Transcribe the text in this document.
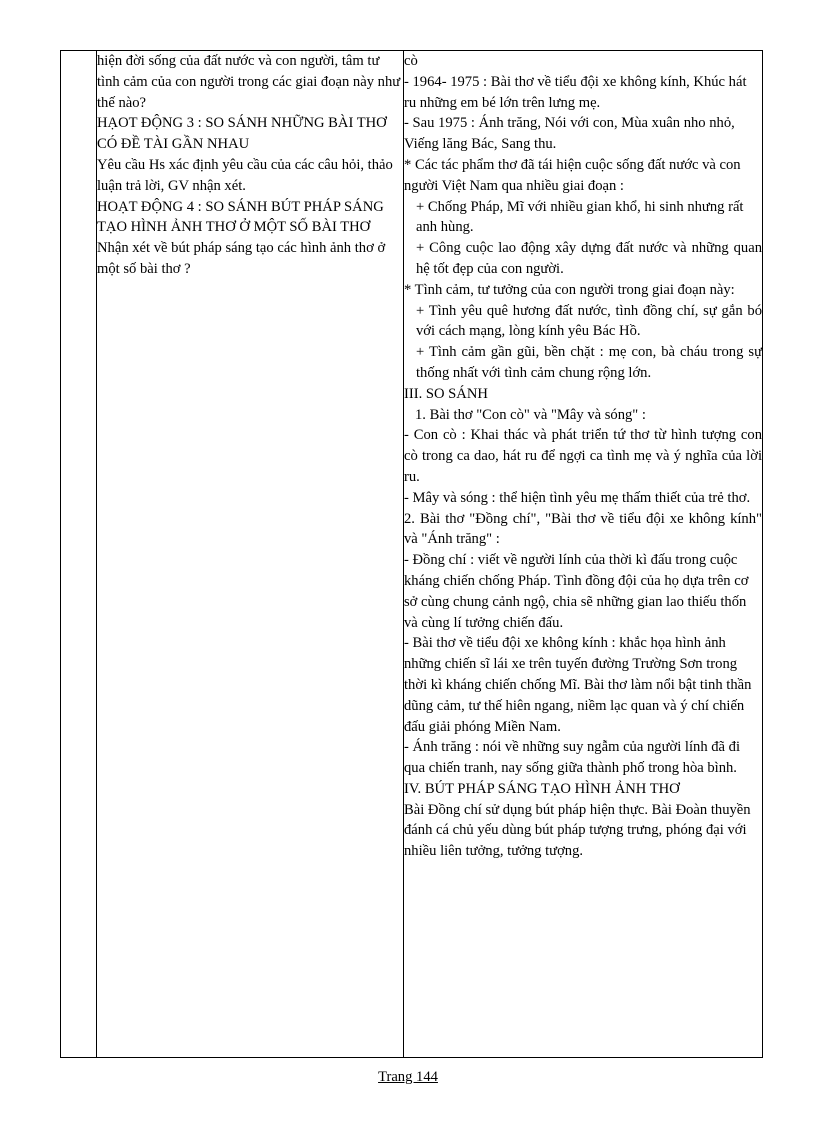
hiện đời sống của đất nước và con người, tâm tư tình cảm của con người trong các giai đoạn này như thế nào?

HẠOT ĐỘNG 3 : SO SÁNH NHỮNG BÀI THƠ CÓ ĐỀ TÀI GẦN NHAU

Yêu cầu Hs xác định yêu cầu của các câu hỏi, thảo luận trả lời, GV nhận xét.

HOẠT ĐỘNG 4 : SO SÁNH BÚT PHÁP SÁNG TẠO HÌNH ẢNH THƠ Ở MỘT SỐ BÀI THƠ

Nhận xét về bút pháp sáng tạo các hình ảnh thơ ở một số bài thơ ?

cò

- 1964- 1975 : Bài thơ về tiểu đội xe không kính, Khúc hát ru những em bé lớn trên lưng mẹ.

- Sau 1975 : Ánh trăng, Nói với con, Mùa xuân nho nhỏ, Viếng lăng Bác, Sang thu.

* Các tác phẩm thơ đã tái hiện cuộc sống đất nước và con người Việt Nam qua nhiều giai đoạn :

+ Chống Pháp, Mĩ với nhiều gian khổ, hi sinh nhưng rất anh hùng.

+ Công cuộc lao động xây dựng đất nước và những quan hệ tốt đẹp của con người.

* Tình cảm, tư tưởng của con người trong giai đoạn này:

+ Tình yêu quê hương đất nước, tình đồng chí, sự gắn bó với cách mạng, lòng kính yêu Bác Hồ.

+ Tình cảm gần gũi, bền chặt : mẹ con, bà cháu trong sự thống nhất với tình cảm chung rộng lớn.

III. SO SÁNH

1. Bài thơ "Con cò" và "Mây và sóng" :

- Con cò : Khai thác và phát triển tứ thơ từ hình tượng con cò trong ca dao, hát ru để ngợi ca tình mẹ và ý nghĩa của lời ru.

- Mây và sóng : thể hiện tình yêu mẹ thấm thiết của trẻ thơ.

2. Bài thơ "Đồng chí", "Bài thơ về tiểu đội xe không kính" và "Ánh trăng" :

- Đồng chí : viết về người lính của thời kì đấu trong cuộc kháng chiến chống Pháp. Tình đồng đội của họ dựa trên cơ sở cùng chung cảnh ngộ, chia sẽ những gian lao thiếu thốn và cùng lí tưởng chiến đấu.

- Bài thơ về tiểu đội xe không kính : khắc họa hình ảnh những chiến sĩ lái xe trên tuyến đường Trường Sơn trong thời kì kháng chiến chống Mĩ. Bài thơ làm nổi bật tinh thần dũng cảm, tư thế hiên ngang, niềm lạc quan và ý chí chiến đấu giải phóng Miền Nam.

- Ánh trăng : nói về những suy ngẫm của người lính đã đi qua chiến tranh, nay sống giữa thành phố trong hòa bình.

IV. BÚT PHÁP SÁNG TẠO HÌNH ẢNH THƠ

Bài Đồng chí sử dụng bút pháp hiện thực. Bài Đoàn thuyền đánh cá chủ yếu dùng bút pháp tượng trưng, phóng đại với nhiều liên tưởng, tưởng tượng.

Trang 144
